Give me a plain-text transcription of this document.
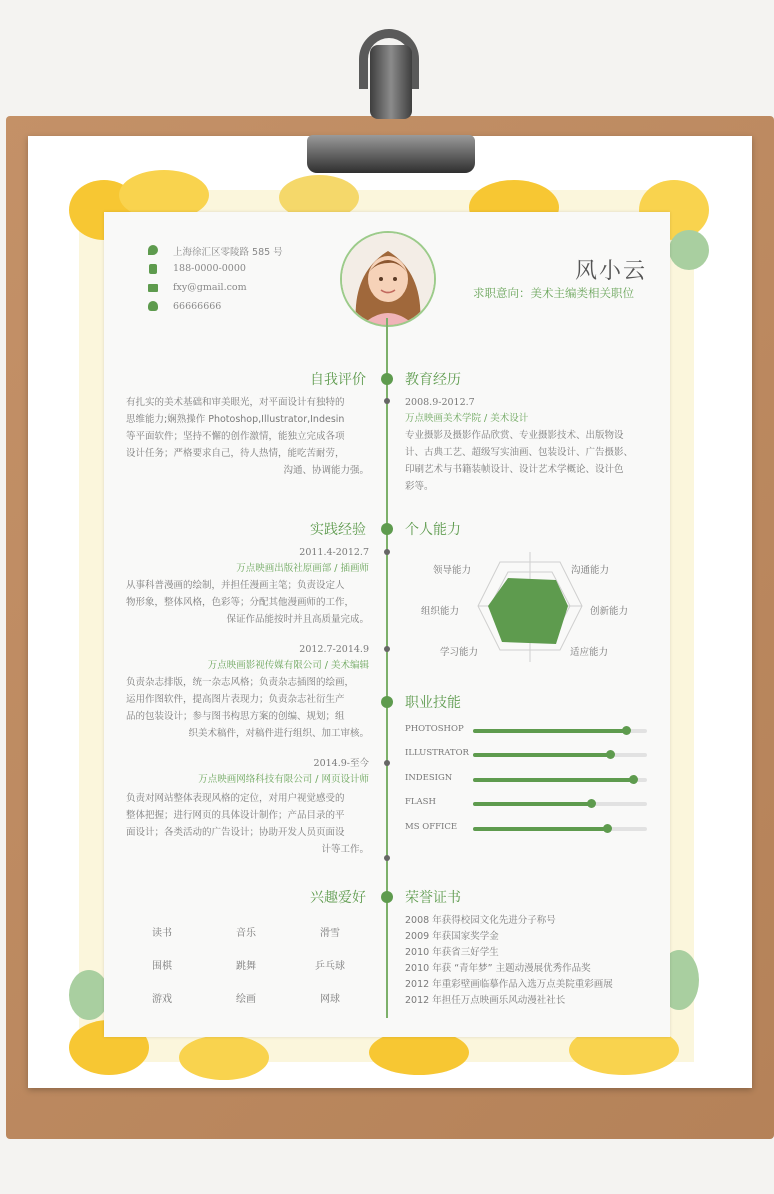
上海徐汇区零陵路 585 号
188-0000-0000
fxy@gmail.com
66666666
风小云
求职意向：美术主编类相关职位
自我评价
有扎实的美术基础和审美眼光，对平面设计有独特的
思维能力;娴熟操作 Photoshop,Illustrator,Indesin
等平面软件；坚持不懈的创作激情，能独立完成各项
设计任务；严格要求自己，待人热情，能吃苦耐劳，
沟通、协调能力强。
教育经历
2008.9-2012.7
万点映画美术学院 / 美术设计
专业摄影及摄影作品欣赏、专业摄影技术、出版物设
计、古典工艺、超级写实油画、包装设计、广告摄影、
印刷艺术与书籍装帧设计、设计艺术学概论、设计色
彩等。
实践经验
2011.4-2012.7
万点映画出版社原画部 / 插画师
从事科普漫画的绘制，并担任漫画主笔；负责设定人
物形象，整体风格，色彩等；分配其他漫画师的工作，
保证作品能按时并且高质量完成。
2012.7-2014.9
万点映画影视传媒有限公司 / 美术编辑
负责杂志排版，统一杂志风格；负责杂志插图的绘画，
运用作图软件，提高图片表现力；负责杂志社衍生产
品的包装设计；参与图书构思方案的创编、规划；组
织美术稿件，对稿件进行组织、加工审核。
2014.9-至今
万点映画网络科技有限公司 / 网页设计师
负责对网站整体表现风格的定位，对用户视觉感受的
整体把握；进行网页的具体设计制作；产品目录的平
面设计；各类活动的广告设计；协助开发人员页面设
计等工作。
个人能力
领导能力	沟通能力
组织能力	创新能力
学习能力	适应能力
职业技能
PHOTOSHOP
ILLUSTRATOR
INDESIGN
FLASH
MS OFFICE
兴趣爱好
读书	音乐	滑雪
围棋	跳舞	乒乓球
游戏	绘画	网球
荣誉证书
2008 年获得校园文化先进分子称号
2009 年获国家奖学金
2010 年获省三好学生
2010 年获 “青年梦” 主题动漫展优秀作品奖
2012 年重彩壁画临摹作品入选万点美院重彩画展
2012 年担任万点映画乐风动漫社社长
